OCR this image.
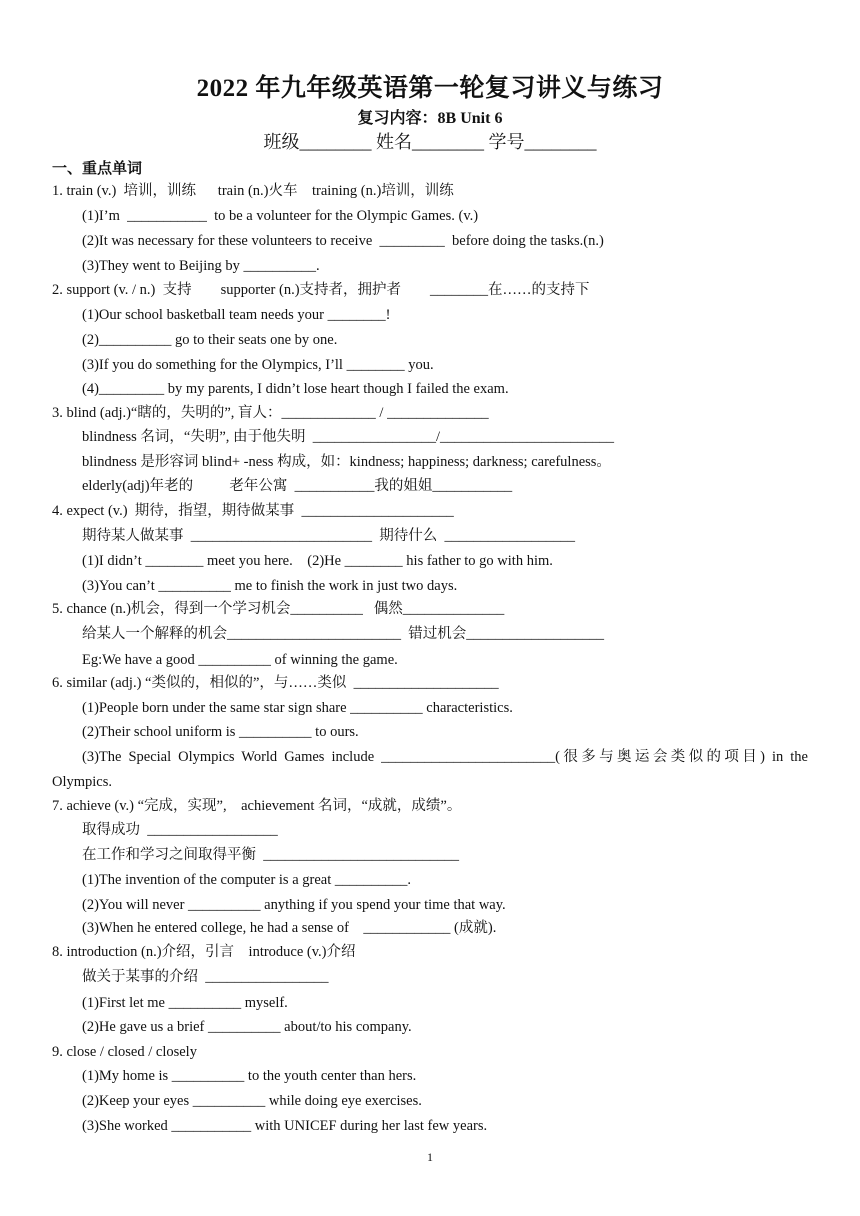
2022 年九年级英语第一轮复习讲义与练习
复习内容：8B Unit 6
班级________ 姓名________ 学号________
一、重点单词
1. train (v.)  培训，训练      train (n.)火车    training (n.)培训，训练
(1)I’m  ___________  to be a volunteer for the Olympic Games. (v.)
(2)It was necessary for these volunteers to receive  _________  before doing the tasks.(n.)
(3)They went to Beijing by __________.
2. support (v. / n.)  支持        supporter (n.)支持者，拥护者        ________在……的支持下
(1)Our school basketball team needs your ________!
(2)__________ go to their seats one by one.
(3)If you do something for the Olympics, I’ll ________ you.
(4)_________ by my parents, I didn’t lose heart though I failed the exam.
3. blind (adj.)“瞎的，失明的”, 盲人：_____________ / ______________
blindness 名词，“失明”, 由于他失明  _________________/________________________
blindness 是形容词 blind+ -ness 构成，如：kindness; happiness; darkness; carefulness。
elderly(adj)年老的          老年公寓  ___________我的姐姐___________
4. expect (v.)  期待，指望，期待做某事  _____________________
期待某人做某事  _________________________  期待什么  __________________
(1)I didn’t ________ meet you here.    (2)He ________ his father to go with him.
(3)You can’t __________ me to finish the work in just two days.
5. chance (n.)机会，得到一个学习机会__________   偶然______________
给某人一个解释的机会________________________  错过机会___________________
Eg:We have a good __________ of winning the game.
6. similar (adj.) “类似的，相似的”，与……类似  ____________________
(1)People born under the same star sign share __________ characteristics.
(2)Their school uniform is __________ to ours.
(3)The Special Olympics World Games include ________________________(很多与奥运会类似的项目) in the
Olympics.
7. achieve (v.) “完成，实现”,    achievement 名词，“成就，成绩”。
取得成功  __________________
在工作和学习之间取得平衡  ___________________________
(1)The invention of the computer is a great __________.
(2)You will never __________ anything if you spend your time that way.
(3)When he entered college, he had a sense of    ____________ (成就).
8. introduction (n.)介绍，引言    introduce (v.)介绍
做关于某事的介绍  _________________
(1)First let me __________ myself.
(2)He gave us a brief __________ about/to his company.
9. close / closed / closely
(1)My home is __________ to the youth center than hers.
(2)Keep your eyes __________ while doing eye exercises.
(3)She worked ___________ with UNICEF during her last few years.
1
